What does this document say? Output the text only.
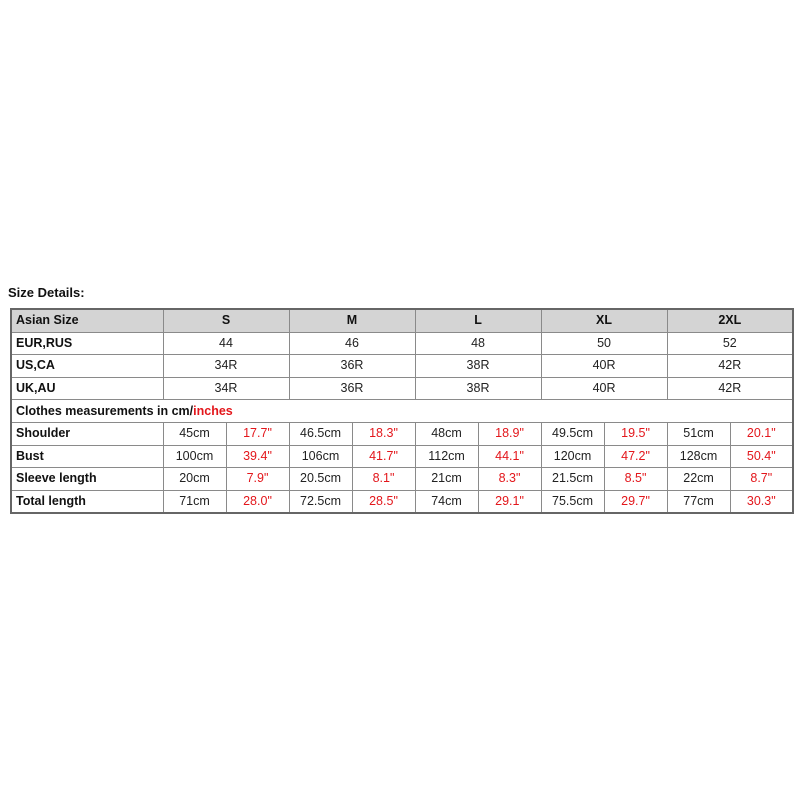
Size Details:
Asian Size	S		M		L		XL		2XL	
EUR,RUS	44		46		48		50		52	
US,CA	34R		36R		38R		40R		42R	
UK,AU	34R		36R		38R		40R		42R	
Clothes measurements in cm/inches										
Shoulder	45cm	17.7"	46.5cm	18.3"	48cm	18.9"	49.5cm	19.5"	51cm	20.1"
Bust	100cm	39.4"	106cm	41.7"	112cm	44.1"	120cm	47.2"	128cm	50.4"
Sleeve length	20cm	7.9"	20.5cm	8.1"	21cm	8.3"	21.5cm	8.5"	22cm	8.7"
Total length	71cm	28.0"	72.5cm	28.5"	74cm	29.1"	75.5cm	29.7"	77cm	30.3"
